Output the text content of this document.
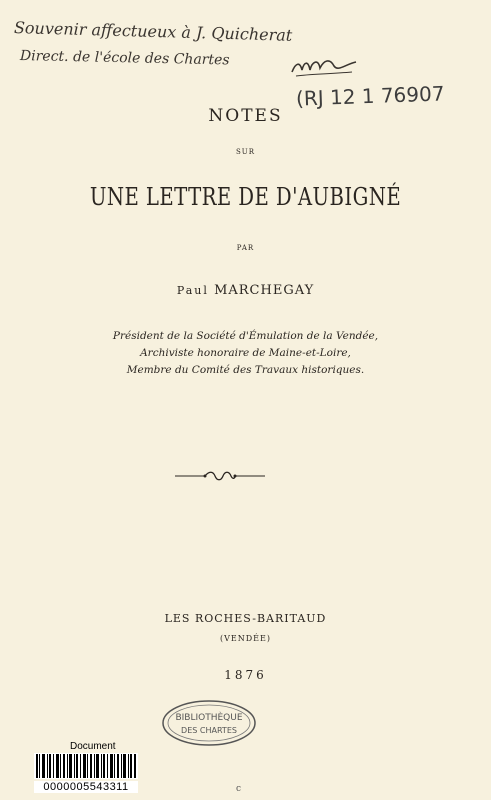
Souvenir affectueux à J. Quicherat
Direct. de l'école des Chartes
(RJ 12 1 76907
NOTES
SUR
UNE LETTRE DE D'AUBIGNÉ
PAR
Paul MARCHEGAY
Président de la Société d'Émulation de la Vendée,
Archiviste honoraire de Maine-et-Loire,
Membre du Comité des Travaux historiques.
LES ROCHES-BARITAUD
(VENDÉE)
1876
BIBLIOTHÈQUE
DES CHARTES
Document
0000005543311	c
